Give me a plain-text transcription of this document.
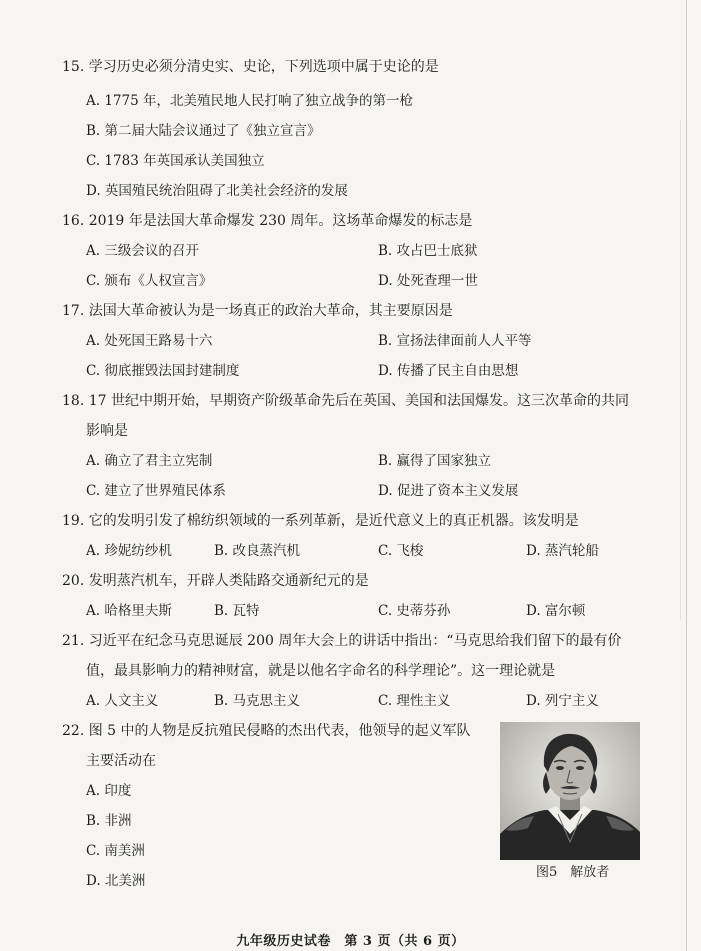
15. 学习历史必须分清史实、史论，下列选项中属于史论的是
A. 1775 年，北美殖民地人民打响了独立战争的第一枪
B. 第二届大陆会议通过了《独立宣言》
C. 1783 年英国承认美国独立
D. 英国殖民统治阻碍了北美社会经济的发展
16. 2019 年是法国大革命爆发 230 周年。这场革命爆发的标志是
A. 三级会议的召开	B. 攻占巴士底狱
C. 颁布《人权宣言》	D. 处死查理一世
17. 法国大革命被认为是一场真正的政治大革命，其主要原因是
A. 处死国王路易十六	B. 宣扬法律面前人人平等
C. 彻底摧毁法国封建制度	D. 传播了民主自由思想
18. 17 世纪中期开始，早期资产阶级革命先后在英国、美国和法国爆发。这三次革命的共同
影响是
A. 确立了君主立宪制	B. 赢得了国家独立
C. 建立了世界殖民体系	D. 促进了资本主义发展
19. 它的发明引发了棉纺织领域的一系列革新，是近代意义上的真正机器。该发明是
A. 珍妮纺纱机	B. 改良蒸汽机	C. 飞梭	D. 蒸汽轮船
20. 发明蒸汽机车，开辟人类陆路交通新纪元的是
A. 哈格里夫斯	B. 瓦特	C. 史蒂芬孙	D. 富尔顿
21. 习近平在纪念马克思诞辰 200 周年大会上的讲话中指出：“马克思给我们留下的最有价
值，最具影响力的精神财富，就是以他名字命名的科学理论”。这一理论就是
A. 人文主义	B. 马克思主义	C. 理性主义	D. 列宁主义
22. 图 5 中的人物是反抗殖民侵略的杰出代表，他领导的起义军队
主要活动在
A. 印度
B. 非洲
C. 南美洲
D. 北美洲
图5　解放者
九年级历史试卷　第 3 页（共 6 页）
